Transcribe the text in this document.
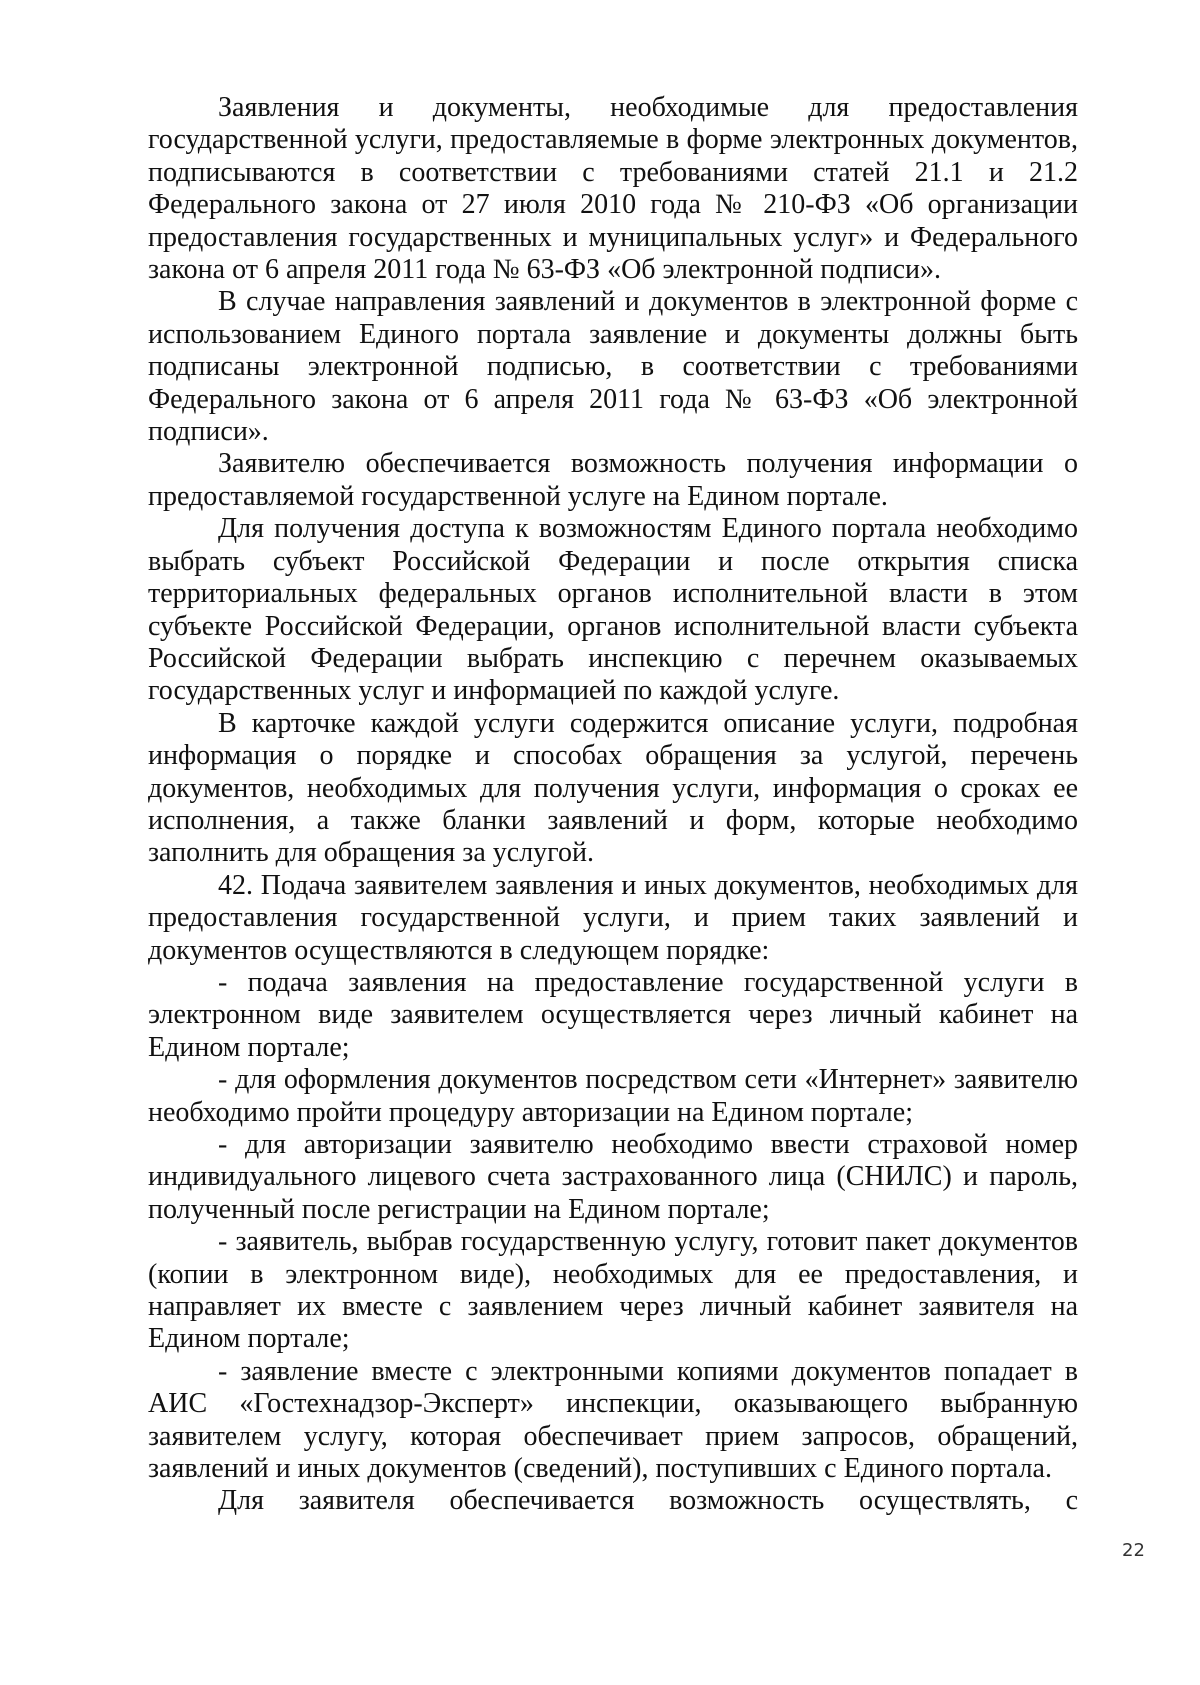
Заявления и документы, необходимые для предоставления государственной услуги, предоставляемые в форме электронных документов, подписываются в соответствии с требованиями статей 21.1 и 21.2 Федерального закона от 27 июля 2010 года № 210-ФЗ «Об организации предоставления государственных и муниципальных услуг» и Федерального закона от 6 апреля 2011 года № 63-ФЗ «Об электронной подписи».

В случае направления заявлений и документов в электронной форме с использованием Единого портала заявление и документы должны быть подписаны электронной подписью, в соответствии с требованиями Федерального закона от 6 апреля 2011 года № 63-ФЗ «Об электронной подписи».

Заявителю обеспечивается возможность получения информации о предоставляемой государственной услуге на Едином портале.

Для получения доступа к возможностям Единого портала необходимо выбрать субъект Российской Федерации и после открытия списка территориальных федеральных органов исполнительной власти в этом субъекте Российской Федерации, органов исполнительной власти субъекта Российской Федерации выбрать инспекцию с перечнем оказываемых государственных услуг и информацией по каждой услуге.

В карточке каждой услуги содержится описание услуги, подробная информация о порядке и способах обращения за услугой, перечень документов, необходимых для получения услуги, информация о сроках ее исполнения, а также бланки заявлений и форм, которые необходимо заполнить для обращения за услугой.

42. Подача заявителем заявления и иных документов, необходимых для предоставления государственной услуги, и прием таких заявлений и документов осуществляются в следующем порядке:

- подача заявления на предоставление государственной услуги в электронном виде заявителем осуществляется через личный кабинет на Едином портале;

- для оформления документов посредством сети «Интернет» заявителю необходимо пройти процедуру авторизации на Едином портале;

- для авторизации заявителю необходимо ввести страховой номер индивидуального лицевого счета застрахованного лица (СНИЛС) и пароль, полученный после регистрации на Едином портале;

- заявитель, выбрав государственную услугу, готовит пакет документов (копии в электронном виде), необходимых для ее предоставления, и направляет их вместе с заявлением через личный кабинет заявителя на Едином портале;

- заявление вместе с электронными копиями документов попадает в АИС «Гостехнадзор-Эксперт» инспекции, оказывающего выбранную заявителем услугу, которая обеспечивает прием запросов, обращений, заявлений и иных документов (сведений), поступивших с Единого портала.

Для заявителя обеспечивается возможность осуществлять, с

22
